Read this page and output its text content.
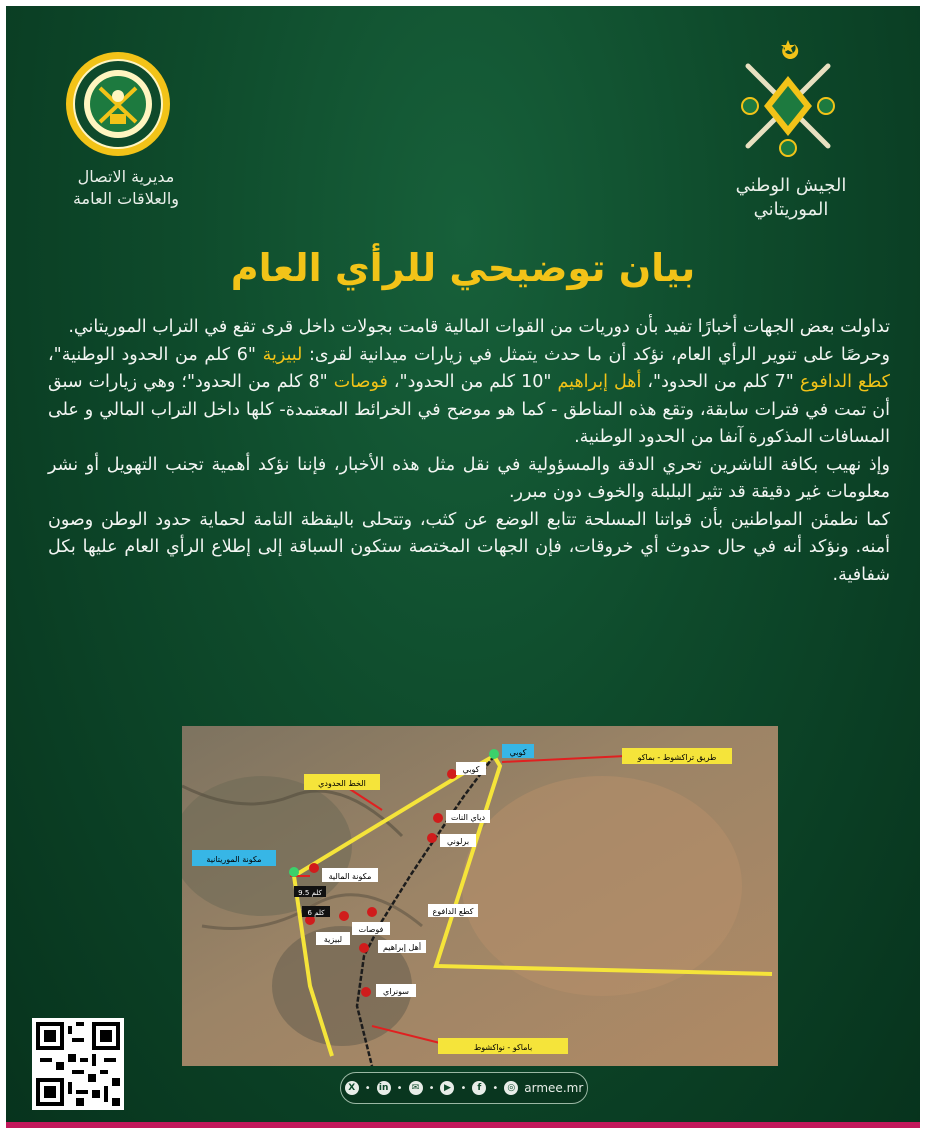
مديرية الاتصال
والعلاقات العامة
الجيش الوطني
الموريتاني
بيان توضيحي للرأي العام

تداولت بعض الجهات أخبارًا تفيد بأن دوريات من القوات المالية قامت بجولات داخل قرى تقع في التراب الموريتاني.

وحرصًا على تنوير الرأي العام، نؤكد أن ما حدث يتمثل في زيارات ميدانية لقرى: لبيزية "6 كلم من الحدود الوطنية"، كطع الدافوع "7 كلم من الحدود"، أهل إبراهيم "10 كلم من الحدود"، فوصات "8 كلم من الحدود"؛ وهي زيارات سبق أن تمت في فترات سابقة، وتقع هذه المناطق - كما هو موضح في الخرائط المعتمدة- كلها داخل التراب المالي و على المسافات المذكورة آنفا من الحدود الوطنية.

وإذ نهيب بكافة الناشرين تحري الدقة والمسؤولية في نقل مثل هذه الأخبار، فإننا نؤكد أهمية تجنب التهويل أو نشر معلومات غير دقيقة قد تثير البلبلة والخوف دون مبرر.

كما نطمئن المواطنين بأن قواتنا المسلحة تتابع الوضع عن كثب، وتتحلى باليقظة التامة لحماية حدود الوطن وصون أمنه. ونؤكد أنه في حال حدوث أي خروقات، فإن الجهات المختصة ستكون السباقة إلى إطلاع الرأي العام عليها بكل شفافية.

كوبي
طريق تراكشوط - بماكو
الخط الحدودي
كوبي
دياي النات
برلوني
مكونة الموريتانية
مكونة المالية
9.5 كلم
6 كلم	كطع الدافوع
فوصات
لبيزية
أهل إبراهيم
سونراي
باماكو - نواكشوط
X • in •	✉ •	▶ •	f	•	◎ armee.mr
